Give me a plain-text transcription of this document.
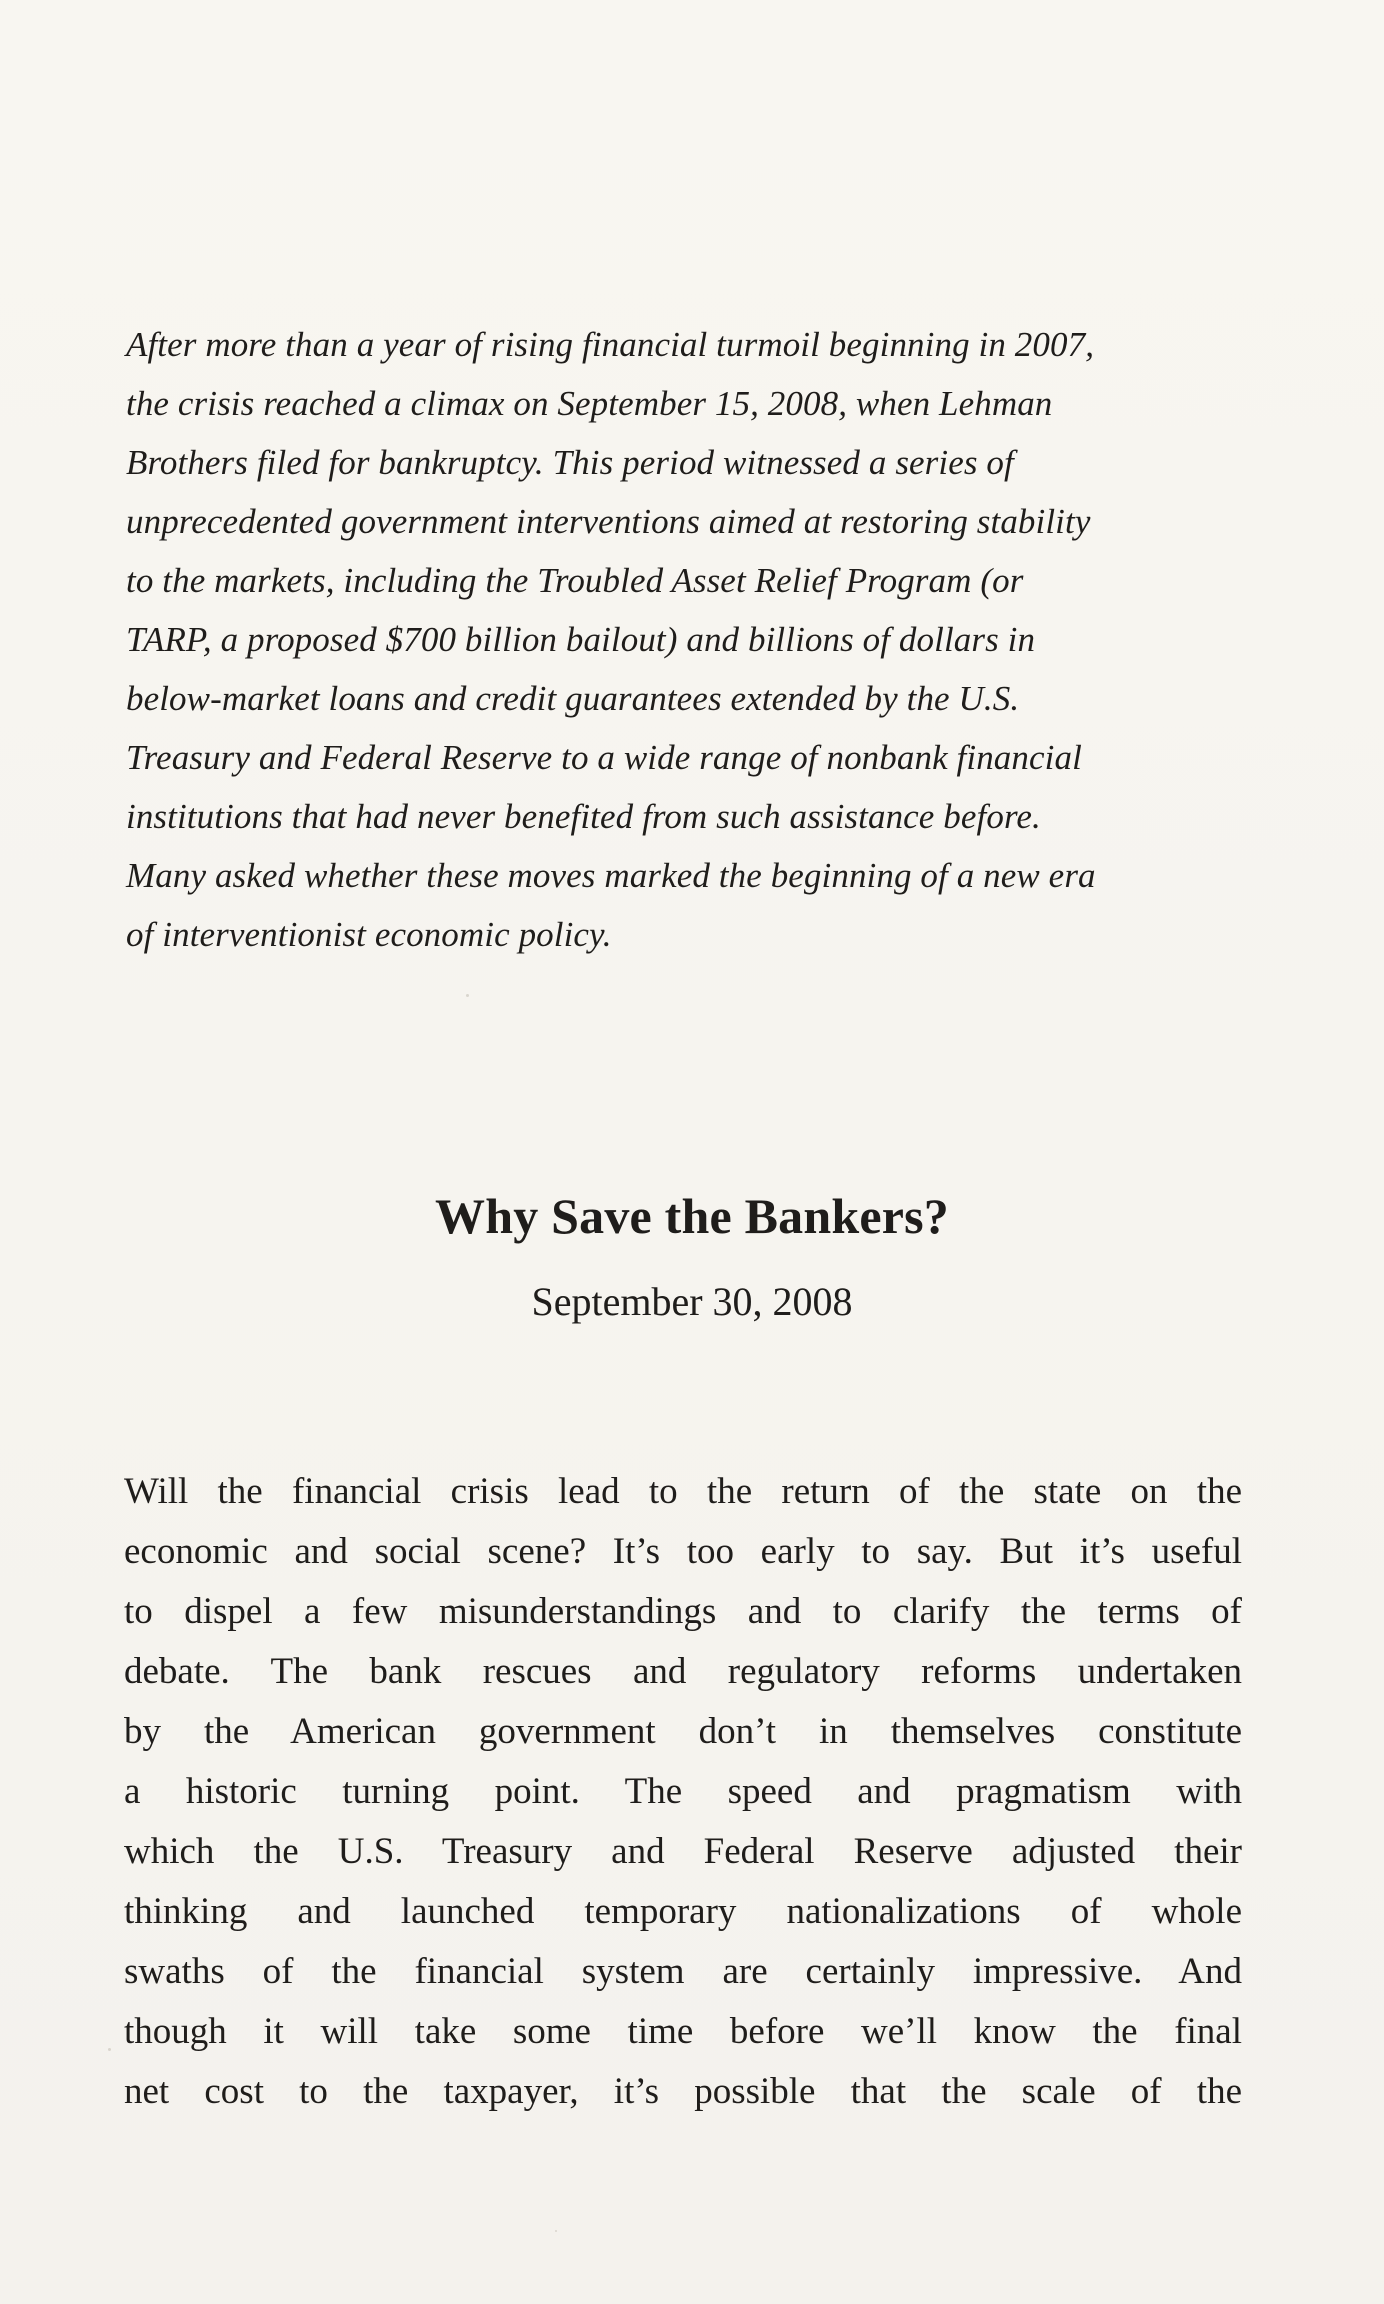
After more than a year of rising financial turmoil beginning in 2007,
the crisis reached a climax on September 15, 2008, when Lehman
Brothers filed for bankruptcy. This period witnessed a series of
unprecedented government interventions aimed at restoring stability
to the markets, including the Troubled Asset Relief Program (or
TARP, a proposed $700 billion bailout) and billions of dollars in
below-market loans and credit guarantees extended by the U.S.
Treasury and Federal Reserve to a wide range of nonbank financial
institutions that had never benefited from such assistance before.
Many asked whether these moves marked the beginning of a new era
of interventionist economic policy.
Why Save the Bankers?
September 30, 2008
Will the financial crisis lead to the return of the state on the
economic and social scene? It’s too early to say. But it’s useful
to dispel a few misunderstandings and to clarify the terms of
debate. The bank rescues and regulatory reforms undertaken
by the American government don’t in themselves constitute
a historic turning point. The speed and pragmatism with
which the U.S. Treasury and Federal Reserve adjusted their
thinking and launched temporary nationalizations of whole
swaths of the financial system are certainly impressive. And
though it will take some time before we’ll know the final
net cost to the taxpayer, it’s possible that the scale of the
